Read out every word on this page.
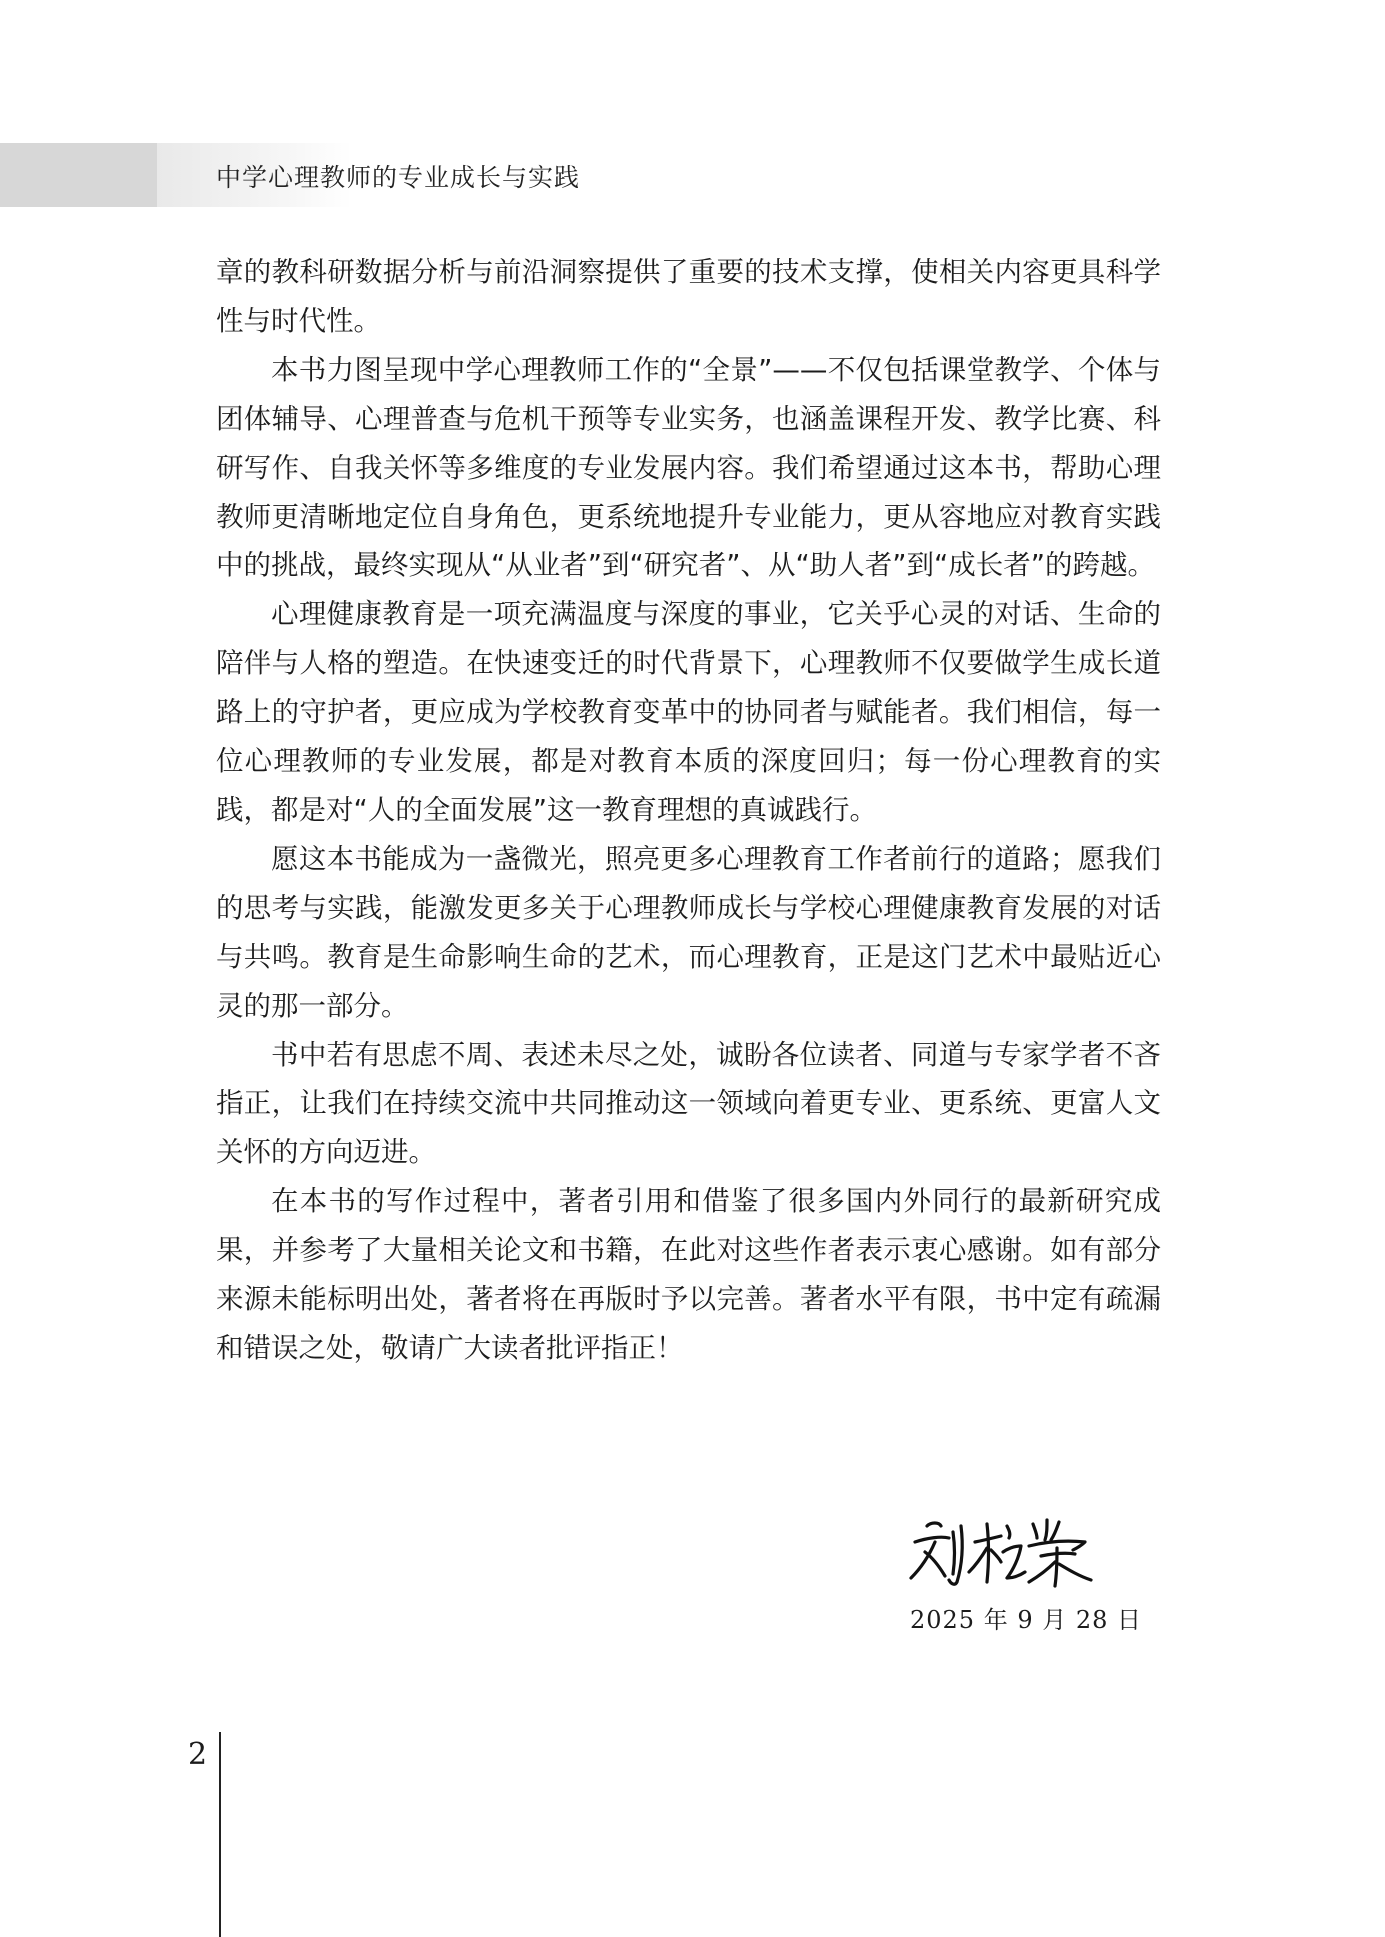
中学心理教师的专业成长与实践

章的教科研数据分析与前沿洞察提供了重要的技术支撑，使相关内容更具科学性与时代性。

本书力图呈现中学心理教师工作的“全景”——不仅包括课堂教学、个体与团体辅导、心理普查与危机干预等专业实务，也涵盖课程开发、教学比赛、科研写作、自我关怀等多维度的专业发展内容。我们希望通过这本书，帮助心理教师更清晰地定位自身角色，更系统地提升专业能力，更从容地应对教育实践中的挑战，最终实现从“从业者”到“研究者”、从“助人者”到“成长者”的跨越。

心理健康教育是一项充满温度与深度的事业，它关乎心灵的对话、生命的陪伴与人格的塑造。在快速变迁的时代背景下，心理教师不仅要做学生成长道路上的守护者，更应成为学校教育变革中的协同者与赋能者。我们相信，每一位心理教师的专业发展，都是对教育本质的深度回归；每一份心理教育的实践，都是对“人的全面发展”这一教育理想的真诚践行。

愿这本书能成为一盏微光，照亮更多心理教育工作者前行的道路；愿我们的思考与实践，能激发更多关于心理教师成长与学校心理健康教育发展的对话与共鸣。教育是生命影响生命的艺术，而心理教育，正是这门艺术中最贴近心灵的那一部分。

书中若有思虑不周、表述未尽之处，诚盼各位读者、同道与专家学者不吝指正，让我们在持续交流中共同推动这一领域向着更专业、更系统、更富人文关怀的方向迈进。

在本书的写作过程中，著者引用和借鉴了很多国内外同行的最新研究成果，并参考了大量相关论文和书籍，在此对这些作者表示衷心感谢。如有部分来源未能标明出处，著者将在再版时予以完善。著者水平有限，书中定有疏漏和错误之处，敬请广大读者批评指正！

2025 年 9 月 28 日
2
